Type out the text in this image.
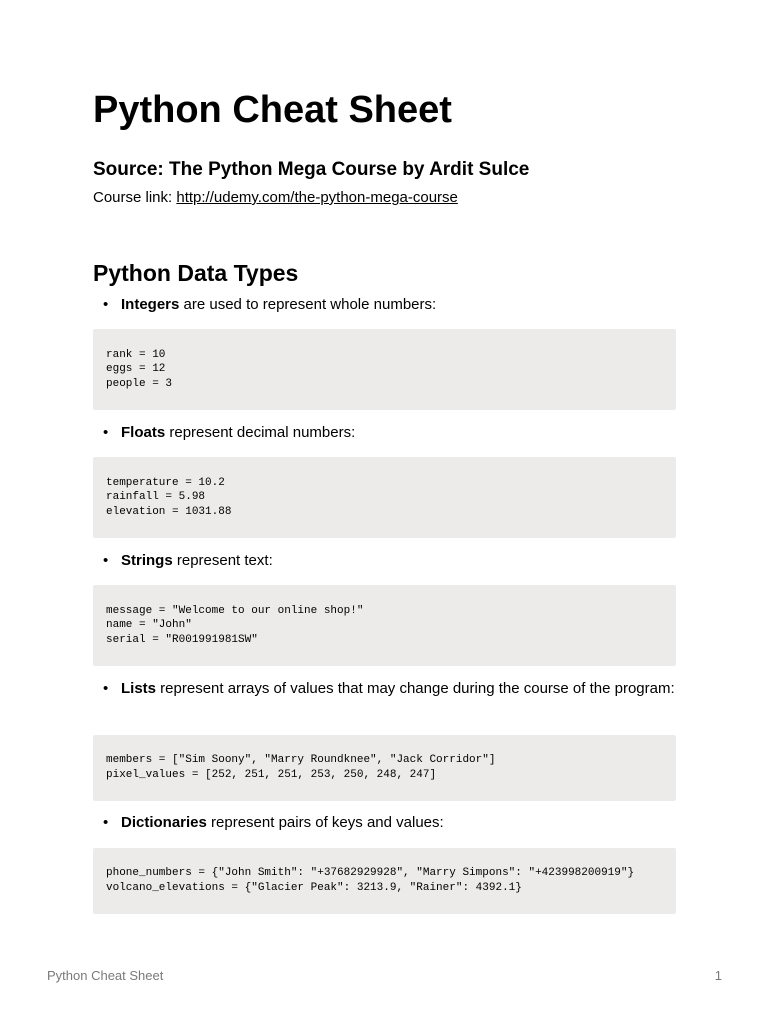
Python Cheat Sheet
Source: The Python Mega Course by Ardit Sulce
Course link: http://udemy.com/the-python-mega-course
Python Data Types
• Integers are used to represent whole numbers:
rank = 10
eggs = 12
people = 3
• Floats represent decimal numbers:
temperature = 10.2
rainfall = 5.98
elevation = 1031.88
• Strings represent text:
message = "Welcome to our online shop!"
name = "John"
serial = "R001991981SW"
• Lists represent arrays of values that may change during the course of the program:
members = ["Sim Soony", "Marry Roundknee", "Jack Corridor"]
pixel_values = [252, 251, 251, 253, 250, 248, 247]
• Dictionaries represent pairs of keys and values:
phone_numbers = {"John Smith": "+37682929928", "Marry Simpons": "+423998200919"}
volcano_elevations = {"Glacier Peak": 3213.9, "Rainer": 4392.1}
Python Cheat Sheet	1
